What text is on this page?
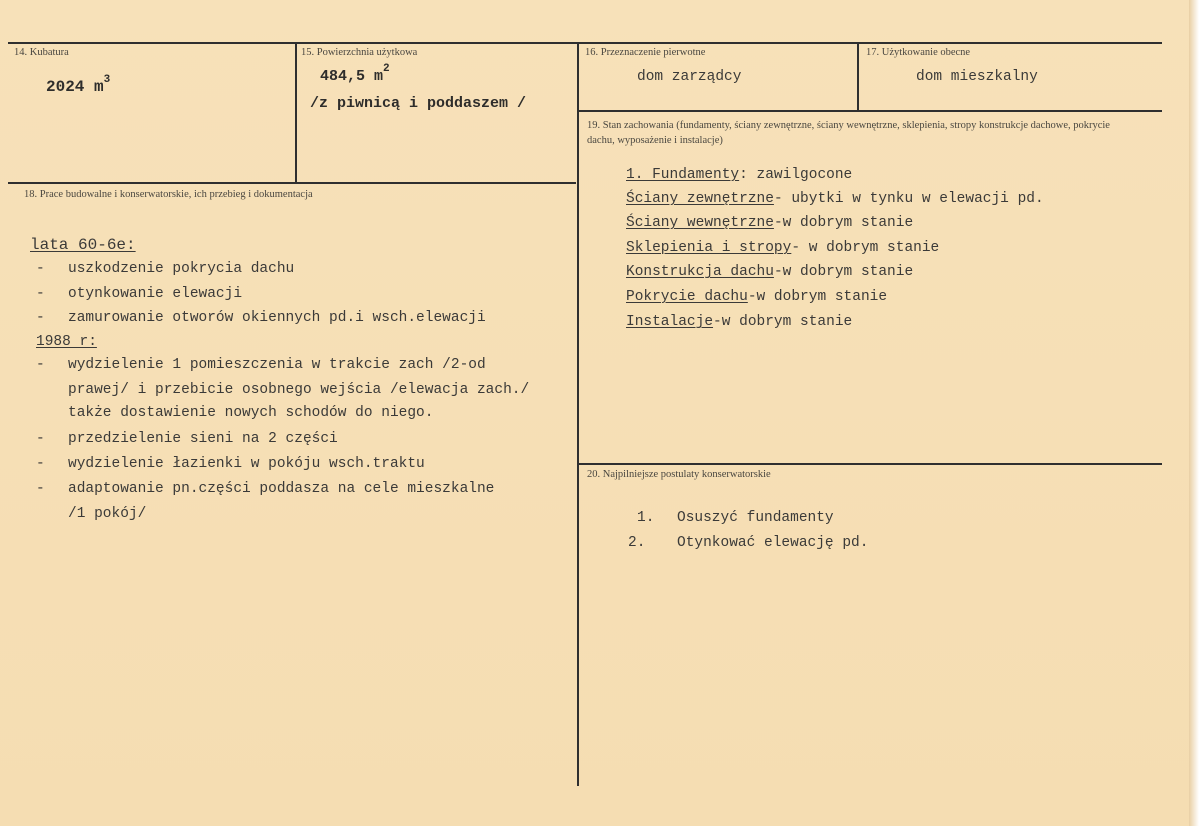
14. Kubatura
2024 $m^3$
15. Powierzchnia użytkowa
484,5 $m^2$
/z piwnicą i poddaszem /
16. Przeznaczenie pierwotne
dom zarządcy
17. Użytkowanie obecne
dom mieszkalny
18. Prace budowalne i konserwatorskie, ich przebieg i dokumentacja
lata 60-6e:
- uszkodzenie pokrycia dachu
- otynkowanie elewacji
- zamurowanie otworów okiennych pd.i wsch.elewacji
1988 r:
- wydzielenie 1 pomieszczenia w trakcie zach /2-od
prawej/ i przebicie osobnego wejścia /elewacja zach./
także dostawienie nowych schodów do niego.
- przedzielenie sieni na 2 części
- wydzielenie łazienki w pokóju wsch.traktu
- adaptowanie pn.części poddasza na cele mieszkalne
/1 pokój/
19. Stan zachowania (fundamenty, ściany zewnętrzne, ściany wewnętrzne, sklepienia, stropy konstrukcje dachowe, pokrycie dachu, wyposażenie i instalacje)
1. Fundamenty: zawilgocone
Ściany zewnętrzne- ubytki w tynku w elewacji pd.
Ściany wewnętrzne-w dobrym stanie
Sklepienia i stropy- w dobrym stanie
Konstrukcja dachu-w dobrym stanie
Pokrycie dachu-w dobrym stanie
Instalacje-w dobrym stanie
20. Najpilniejsze postulaty konserwatorskie
1. Osuszyć fundamenty
2. Otynkować elewację pd.
